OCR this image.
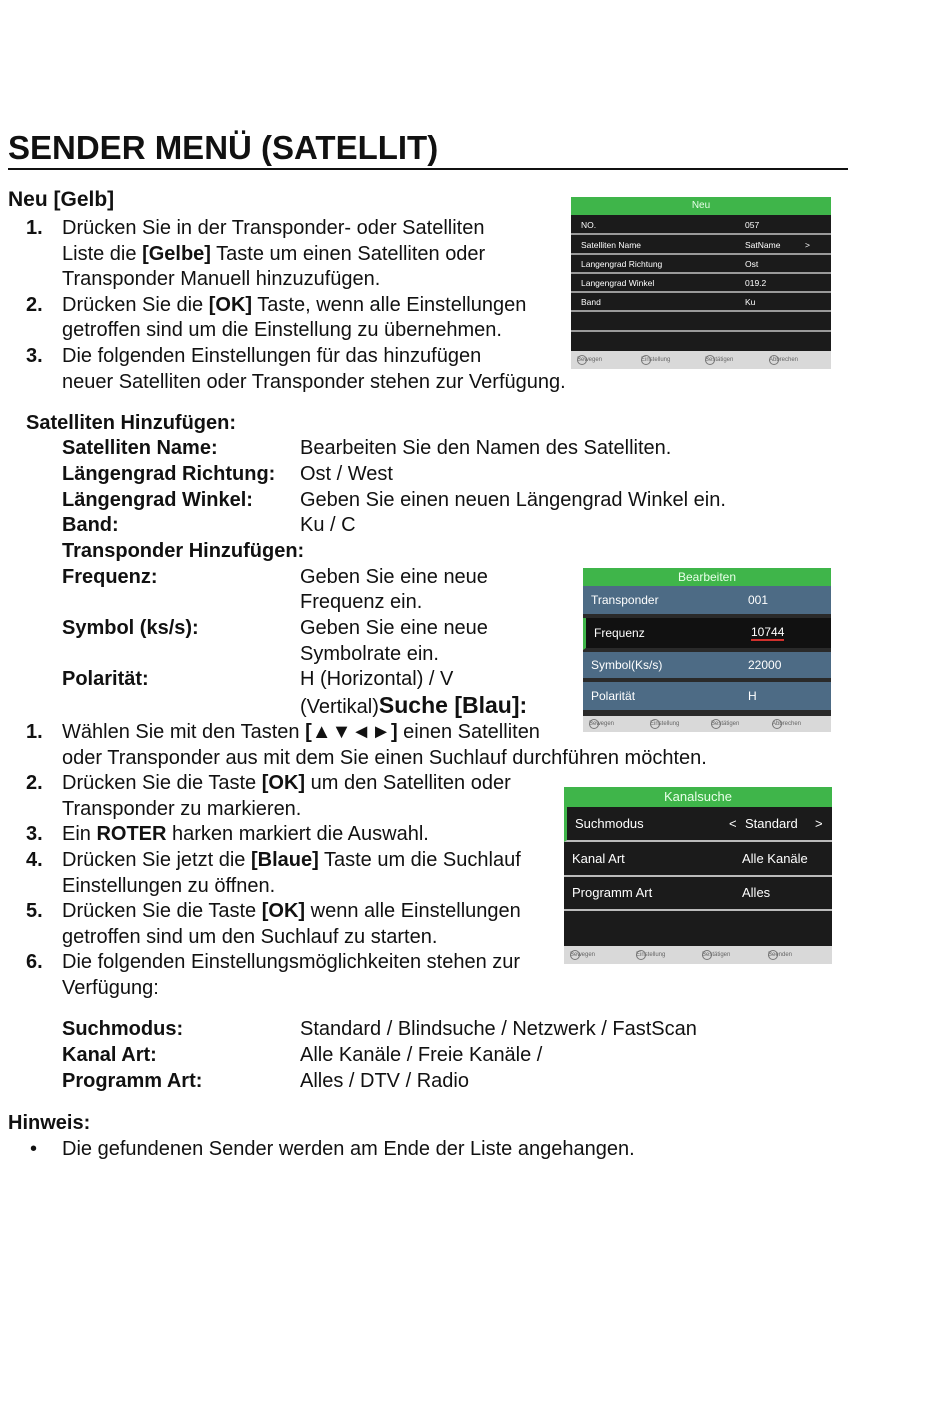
SENDER MENÜ (SATELLIT)
Neu [Gelb]
1. Drücken Sie in der Transponder- oder Satelliten
Liste die [Gelbe] Taste um einen Satelliten oder
Transponder Manuell hinzuzufügen.
2. Drücken Sie die [OK] Taste, wenn alle Einstellungen
getroffen sind um die Einstellung zu übernehmen.
3. Die folgenden Einstellungen für das hinzufügen
neuer Satelliten oder Transponder stehen zur Verfügung.
Neu
NO.	057
Satelliten Name	SatName	>
Langengrad Richtung	Ost
Langengrad Winkel	019.2
Band	Ku
Bewegen	Einstellung	Bestätigen	Abbrechen
Satelliten Hinzufügen:
Satelliten Name:	Bearbeiten Sie den Namen des Satelliten.
Längengrad Richtung: Ost / West
Längengrad Winkel: Geben Sie einen neuen Längengrad Winkel ein.
Band:	Ku / C
Transponder Hinzufügen:
Frequenz:	Geben Sie eine neue
Frequenz ein.
Symbol (ks/s):	Geben Sie eine neue
Symbolrate ein.
Polarität:	H (Horizontal) / V
(Vertikal)Suche [Blau]:
Bearbeiten
Transponder	001
Frequenz	10744
Symbol(Ks/s)	22000
Polarität	H
Bewegen	Einstellung	Bestätigen	Abbrechen
1. Wählen Sie mit den Tasten [▲▼◄►] einen Satelliten
oder Transponder aus mit dem Sie einen Suchlauf durchführen möchten.
2. Drücken Sie die Taste [OK] um den Satelliten oder
Transponder zu markieren.
3. Ein ROTER harken markiert die Auswahl.
4. Drücken Sie jetzt die [Blaue] Taste um die Suchlauf
Einstellungen zu öffnen.
5. Drücken Sie die Taste [OK] wenn alle Einstellungen
getroffen sind um den Suchlauf zu starten.
6. Die folgenden Einstellungsmöglichkeiten stehen zur
Verfügung:
Kanalsuche
Suchmodus	< Standard >
Kanal Art	Alle Kanäle
Programm Art	Alles
Bewegen	Einstellung	Bestätigen	Beenden
Suchmodus:	Standard / Blindsuche / Netzwerk / FastScan
Kanal Art:	Alle Kanäle / Freie Kanäle /
Programm Art:	Alles / DTV / Radio
Hinweis:
• Die gefundenen Sender werden am Ende der Liste angehangen.
